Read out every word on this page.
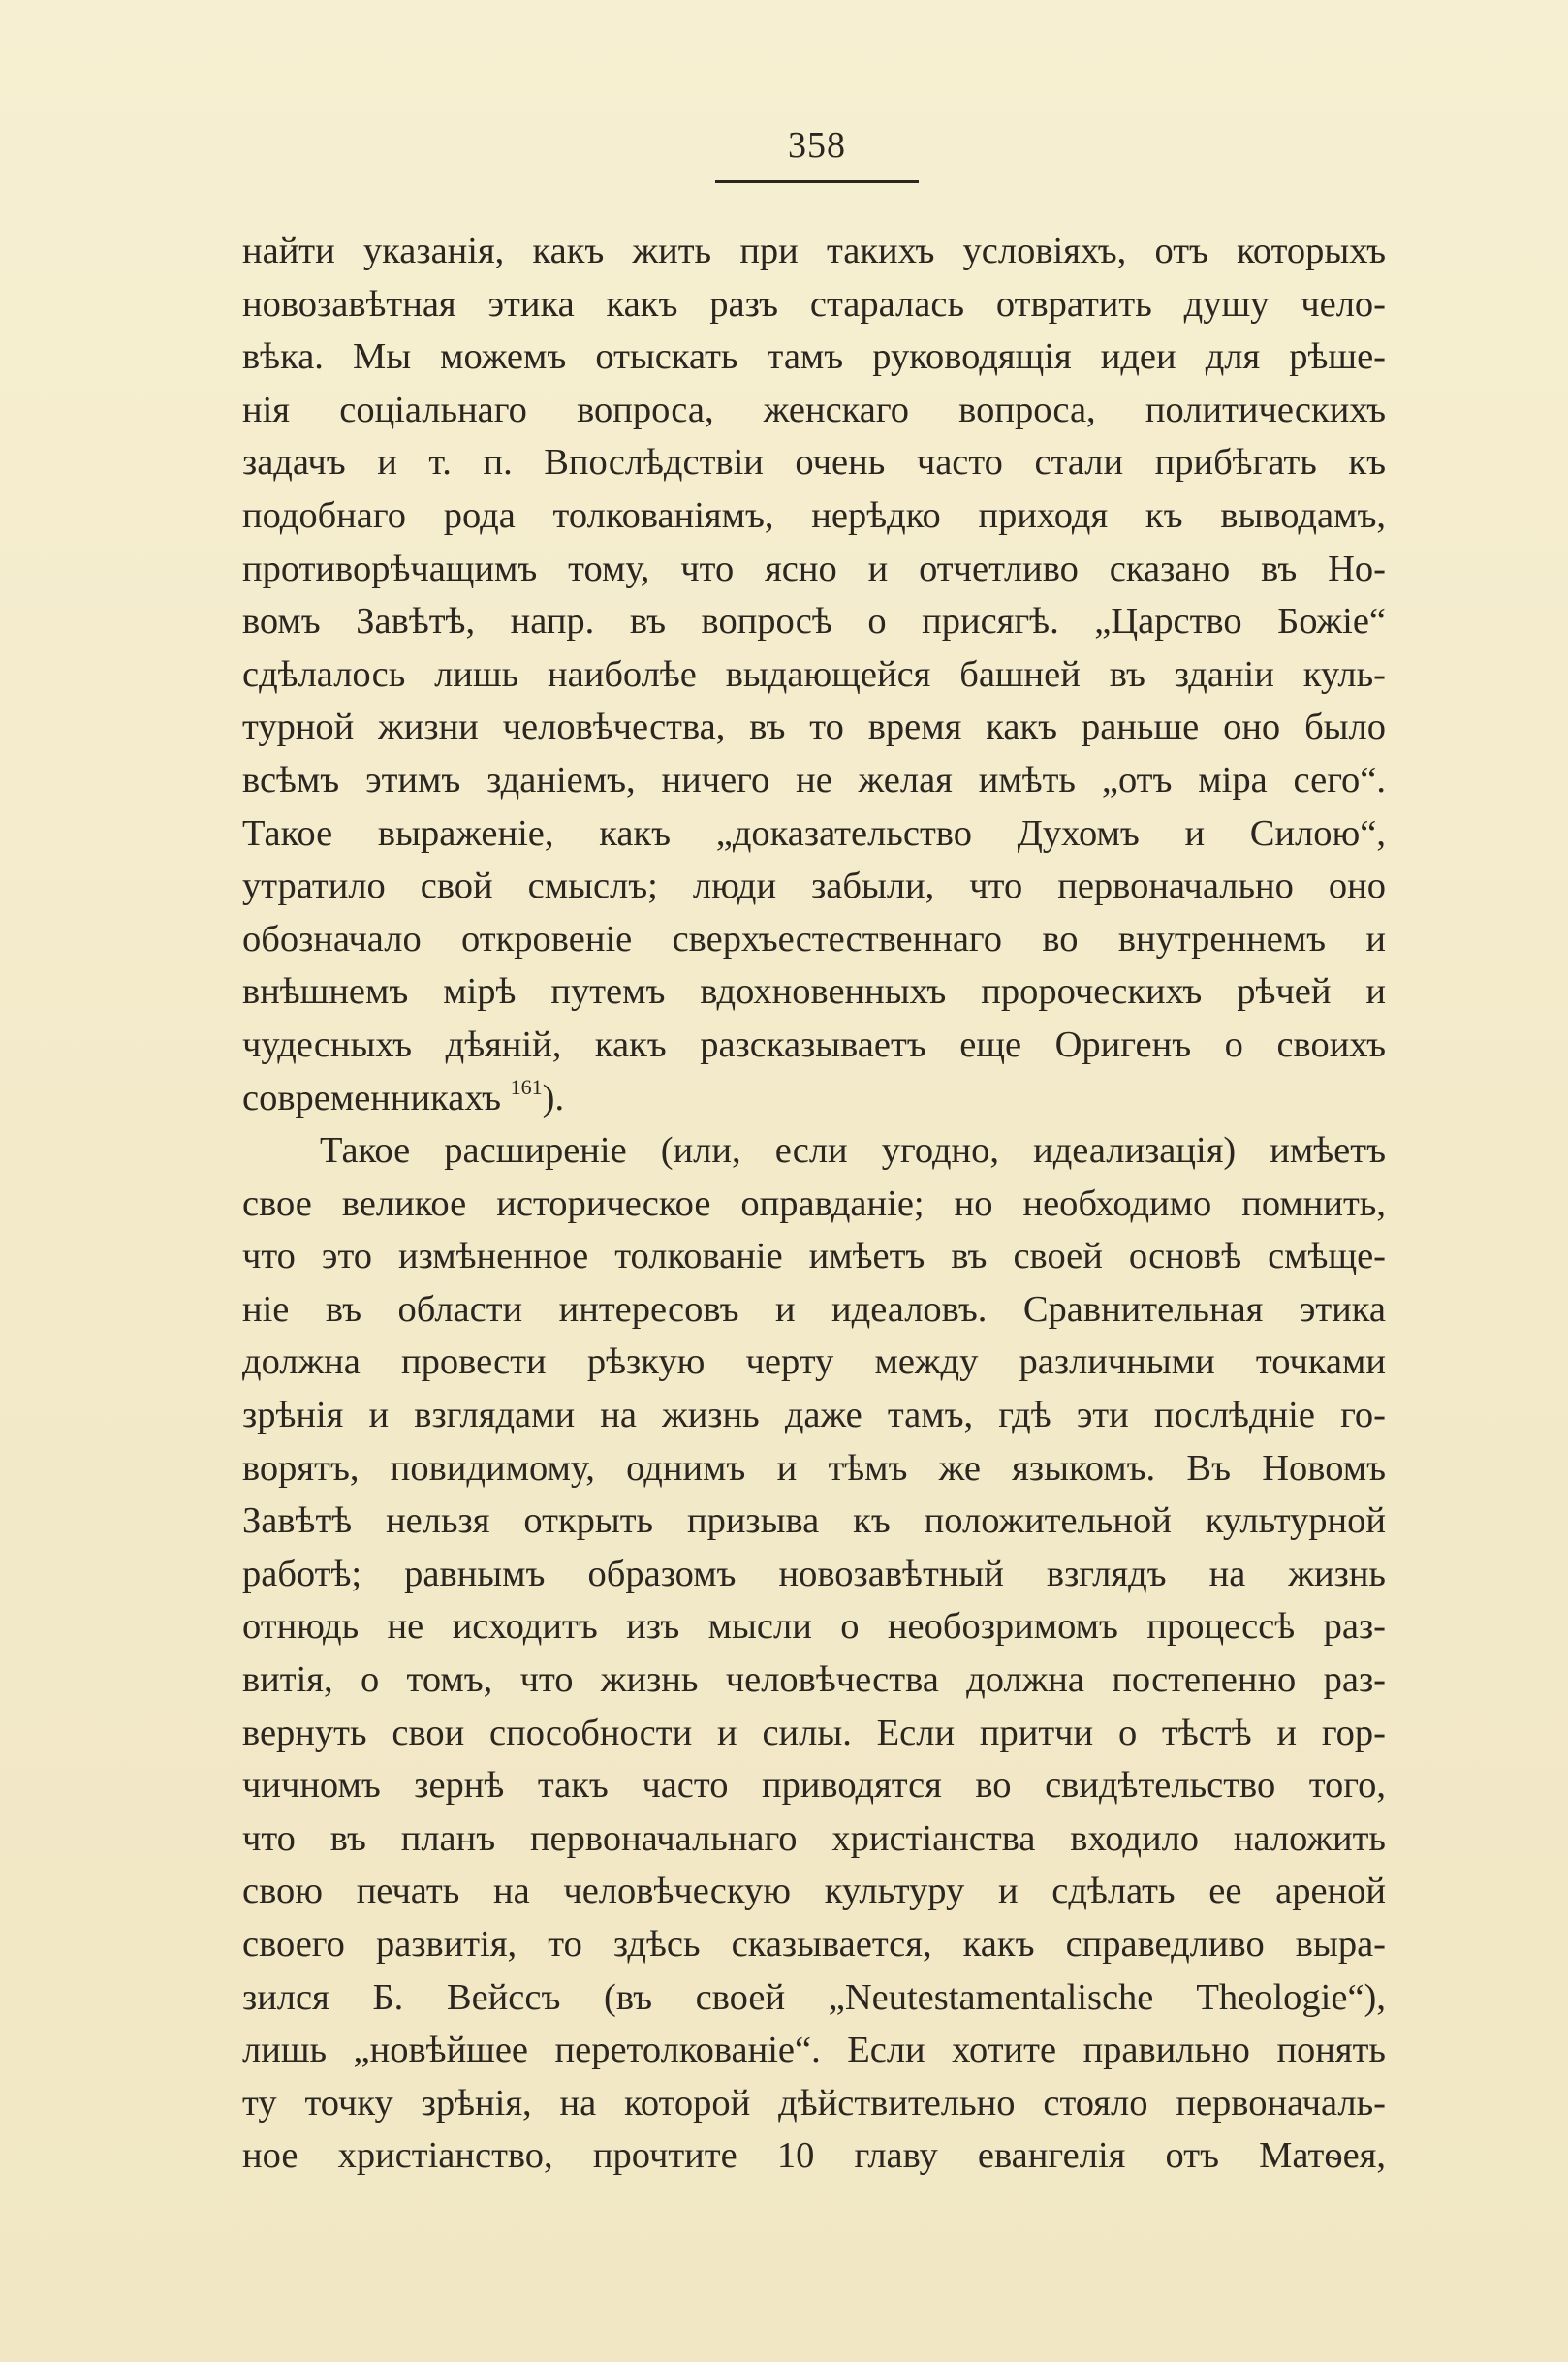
358
найти указанія, какъ жить при такихъ условіяхъ, отъ которыхъ
новозавѣтная этика какъ разъ старалась отвратить душу чело-
вѣка. Мы можемъ отыскать тамъ руководящія идеи для рѣше-
нія соціальнаго вопроса, женскаго вопроса, политическихъ
задачъ и т. п. Впослѣдствіи очень часто стали прибѣгать къ
подобнаго рода толкованіямъ, нерѣдко приходя къ выводамъ,
противорѣчащимъ тому, что ясно и отчетливо сказано въ Но-
вомъ Завѣтѣ, напр. въ вопросѣ о присягѣ. „Царство Божіе“
сдѣлалось лишь наиболѣе выдающейся башней въ зданіи куль-
турной жизни человѣчества, въ то время какъ раньше оно было
всѣмъ этимъ зданіемъ, ничего не желая имѣть „отъ міра сего“.
Такое выраженіе, какъ „доказательство Духомъ и Силою“,
утратило свой смыслъ; люди забыли, что первоначально оно
обозначало откровеніе сверхъестественнаго во внутреннемъ и
внѣшнемъ мірѣ путемъ вдохновенныхъ пророческихъ рѣчей и
чудесныхъ дѣяній, какъ разсказываетъ еще Оригенъ о своихъ
современникахъ $^{161}$).
Такое расширеніе (или, если угодно, идеализація) имѣетъ
свое великое историческое оправданіе; но необходимо помнить,
что это измѣненное толкованіе имѣетъ въ своей основѣ смѣще-
ніе въ области интересовъ и идеаловъ. Сравнительная этика
должна провести рѣзкую черту между различными точками
зрѣнія и взглядами на жизнь даже тамъ, гдѣ эти послѣдніе го-
ворятъ, повидимому, однимъ и тѣмъ же языкомъ. Въ Новомъ
Завѣтѣ нельзя открыть призыва къ положительной культурной
работѣ; равнымъ образомъ новозавѣтный взглядъ на жизнь
отнюдь не исходитъ изъ мысли о необозримомъ процессѣ раз-
витія, о томъ, что жизнь человѣчества должна постепенно раз-
вернуть свои способности и силы. Если притчи о тѣстѣ и гор-
чичномъ зернѣ такъ часто приводятся во свидѣтельство того,
что въ планъ первоначальнаго христіанства входило наложить
свою печать на человѣческую культуру и сдѣлать ее ареной
своего развитія, то здѣсь сказывается, какъ справедливо выра-
зился Б. Вейссъ (въ своей „Neutestamentalische Theologie“),
лишь „новѣйшее перетолкованіе“. Если хотите правильно понять
ту точку зрѣнія, на которой дѣйствительно стояло первоначаль-
ное христіанство, прочтите 10 главу евангелія отъ Матѳея,
